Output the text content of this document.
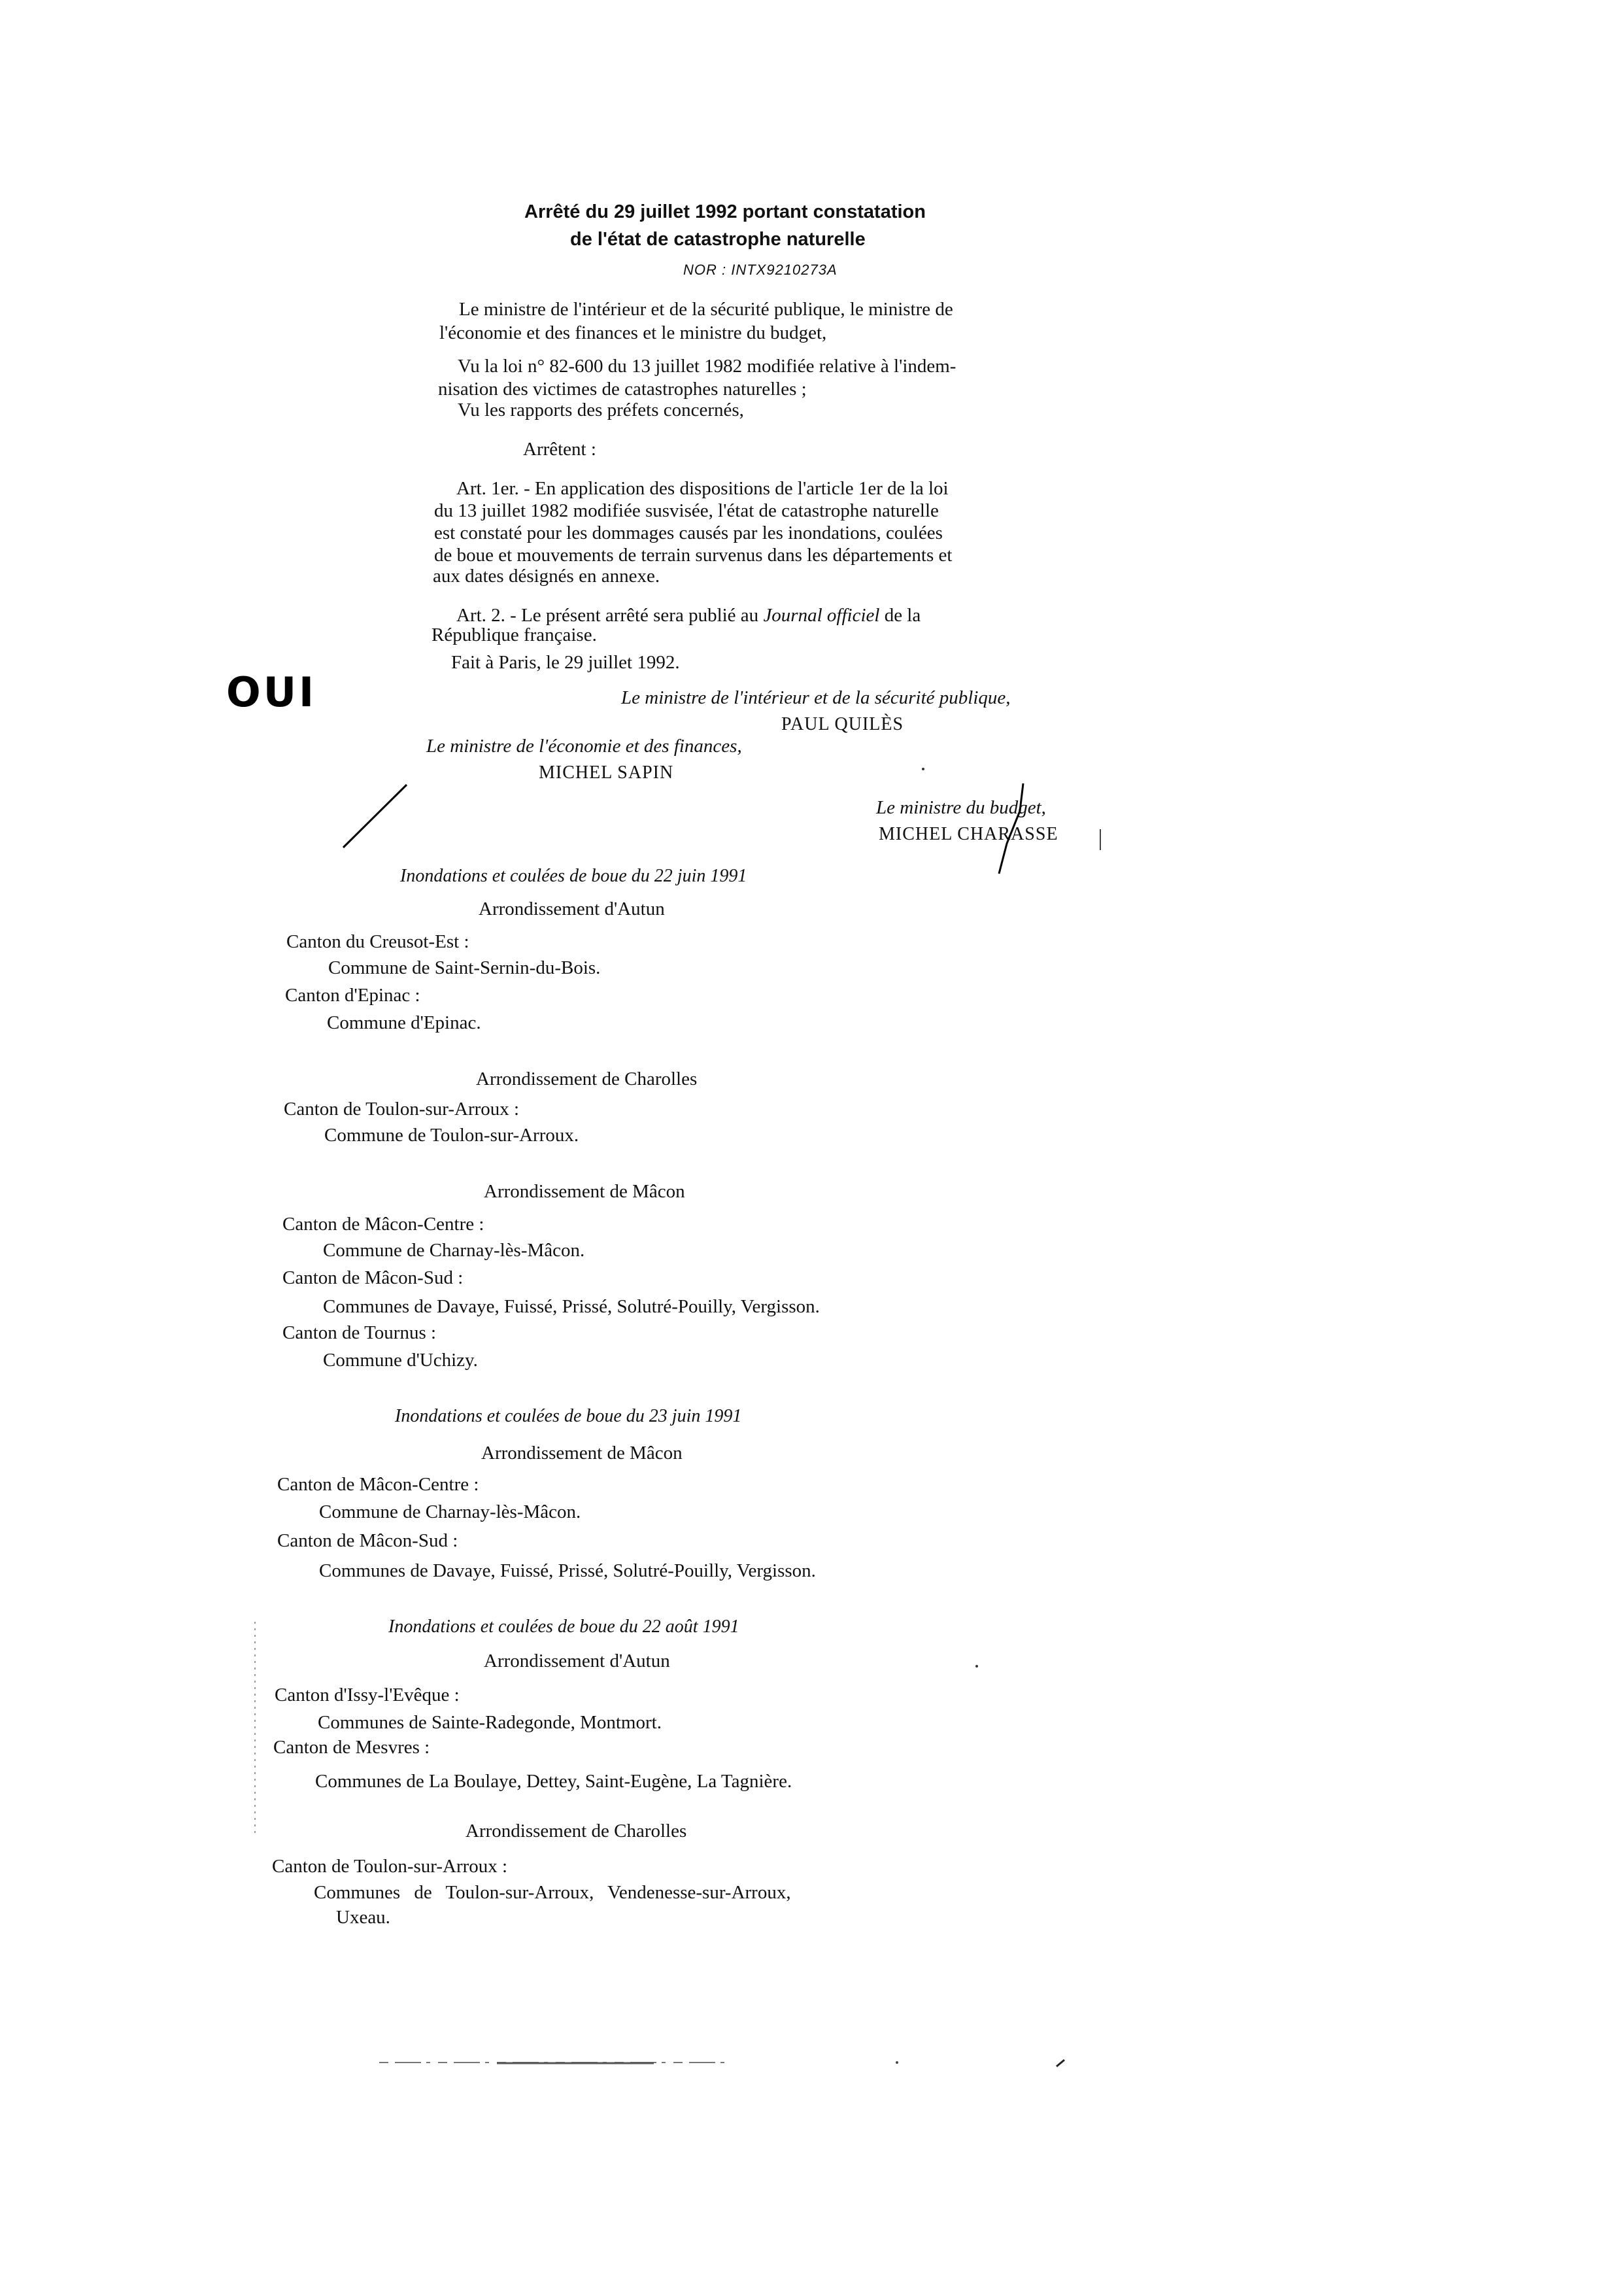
Arrêté du 29 juillet 1992 portant constatation
de l'état de catastrophe naturelle
NOR : INTX9210273A
Le ministre de l'intérieur et de la sécurité publique, le ministre de
l'économie et des finances et le ministre du budget,
Vu la loi n° 82-600 du 13 juillet 1982 modifiée relative à l'indem-
nisation des victimes de catastrophes naturelles ;
Vu les rapports des préfets concernés,
Arrêtent :
Art. 1er. - En application des dispositions de l'article 1er de la loi
du 13 juillet 1982 modifiée susvisée, l'état de catastrophe naturelle
est constaté pour les dommages causés par les inondations, coulées
de boue et mouvements de terrain survenus dans les départements et
aux dates désignés en annexe.
Art. 2. - Le présent arrêté sera publié au Journal officiel de la
République française.
Fait à Paris, le 29 juillet 1992.
OUI	Le ministre de l'intérieur et de la sécurité publique,
PAUL QUILÈS
Le ministre de l'économie et des finances,
MICHEL SAPIN
Le ministre du budget,
MICHEL CHARASSE
Inondations et coulées de boue du 22 juin 1991
Arrondissement d'Autun
Canton du Creusot-Est :
Commune de Saint-Sernin-du-Bois.
Canton d'Epinac :
Commune d'Epinac.
Arrondissement de Charolles
Canton de Toulon-sur-Arroux :
Commune de Toulon-sur-Arroux.
Arrondissement de Mâcon
Canton de Mâcon-Centre :
Commune de Charnay-lès-Mâcon.
Canton de Mâcon-Sud :
Communes de Davaye, Fuissé, Prissé, Solutré-Pouilly, Vergisson.
Canton de Tournus :
Commune d'Uchizy.
Inondations et coulées de boue du 23 juin 1991
Arrondissement de Mâcon
Canton de Mâcon-Centre :
Commune de Charnay-lès-Mâcon.
Canton de Mâcon-Sud :
Communes de Davaye, Fuissé, Prissé, Solutré-Pouilly, Vergisson.
Inondations et coulées de boue du 22 août 1991
Arrondissement d'Autun
Canton d'Issy-l'Evêque :
Communes de Sainte-Radegonde, Montmort.
Canton de Mesvres :
Communes de La Boulaye, Dettey, Saint-Eugène, La Tagnière.
Arrondissement de Charolles
Canton de Toulon-sur-Arroux :
Communes de Toulon-sur-Arroux, Vendenesse-sur-Arroux,
Uxeau.
